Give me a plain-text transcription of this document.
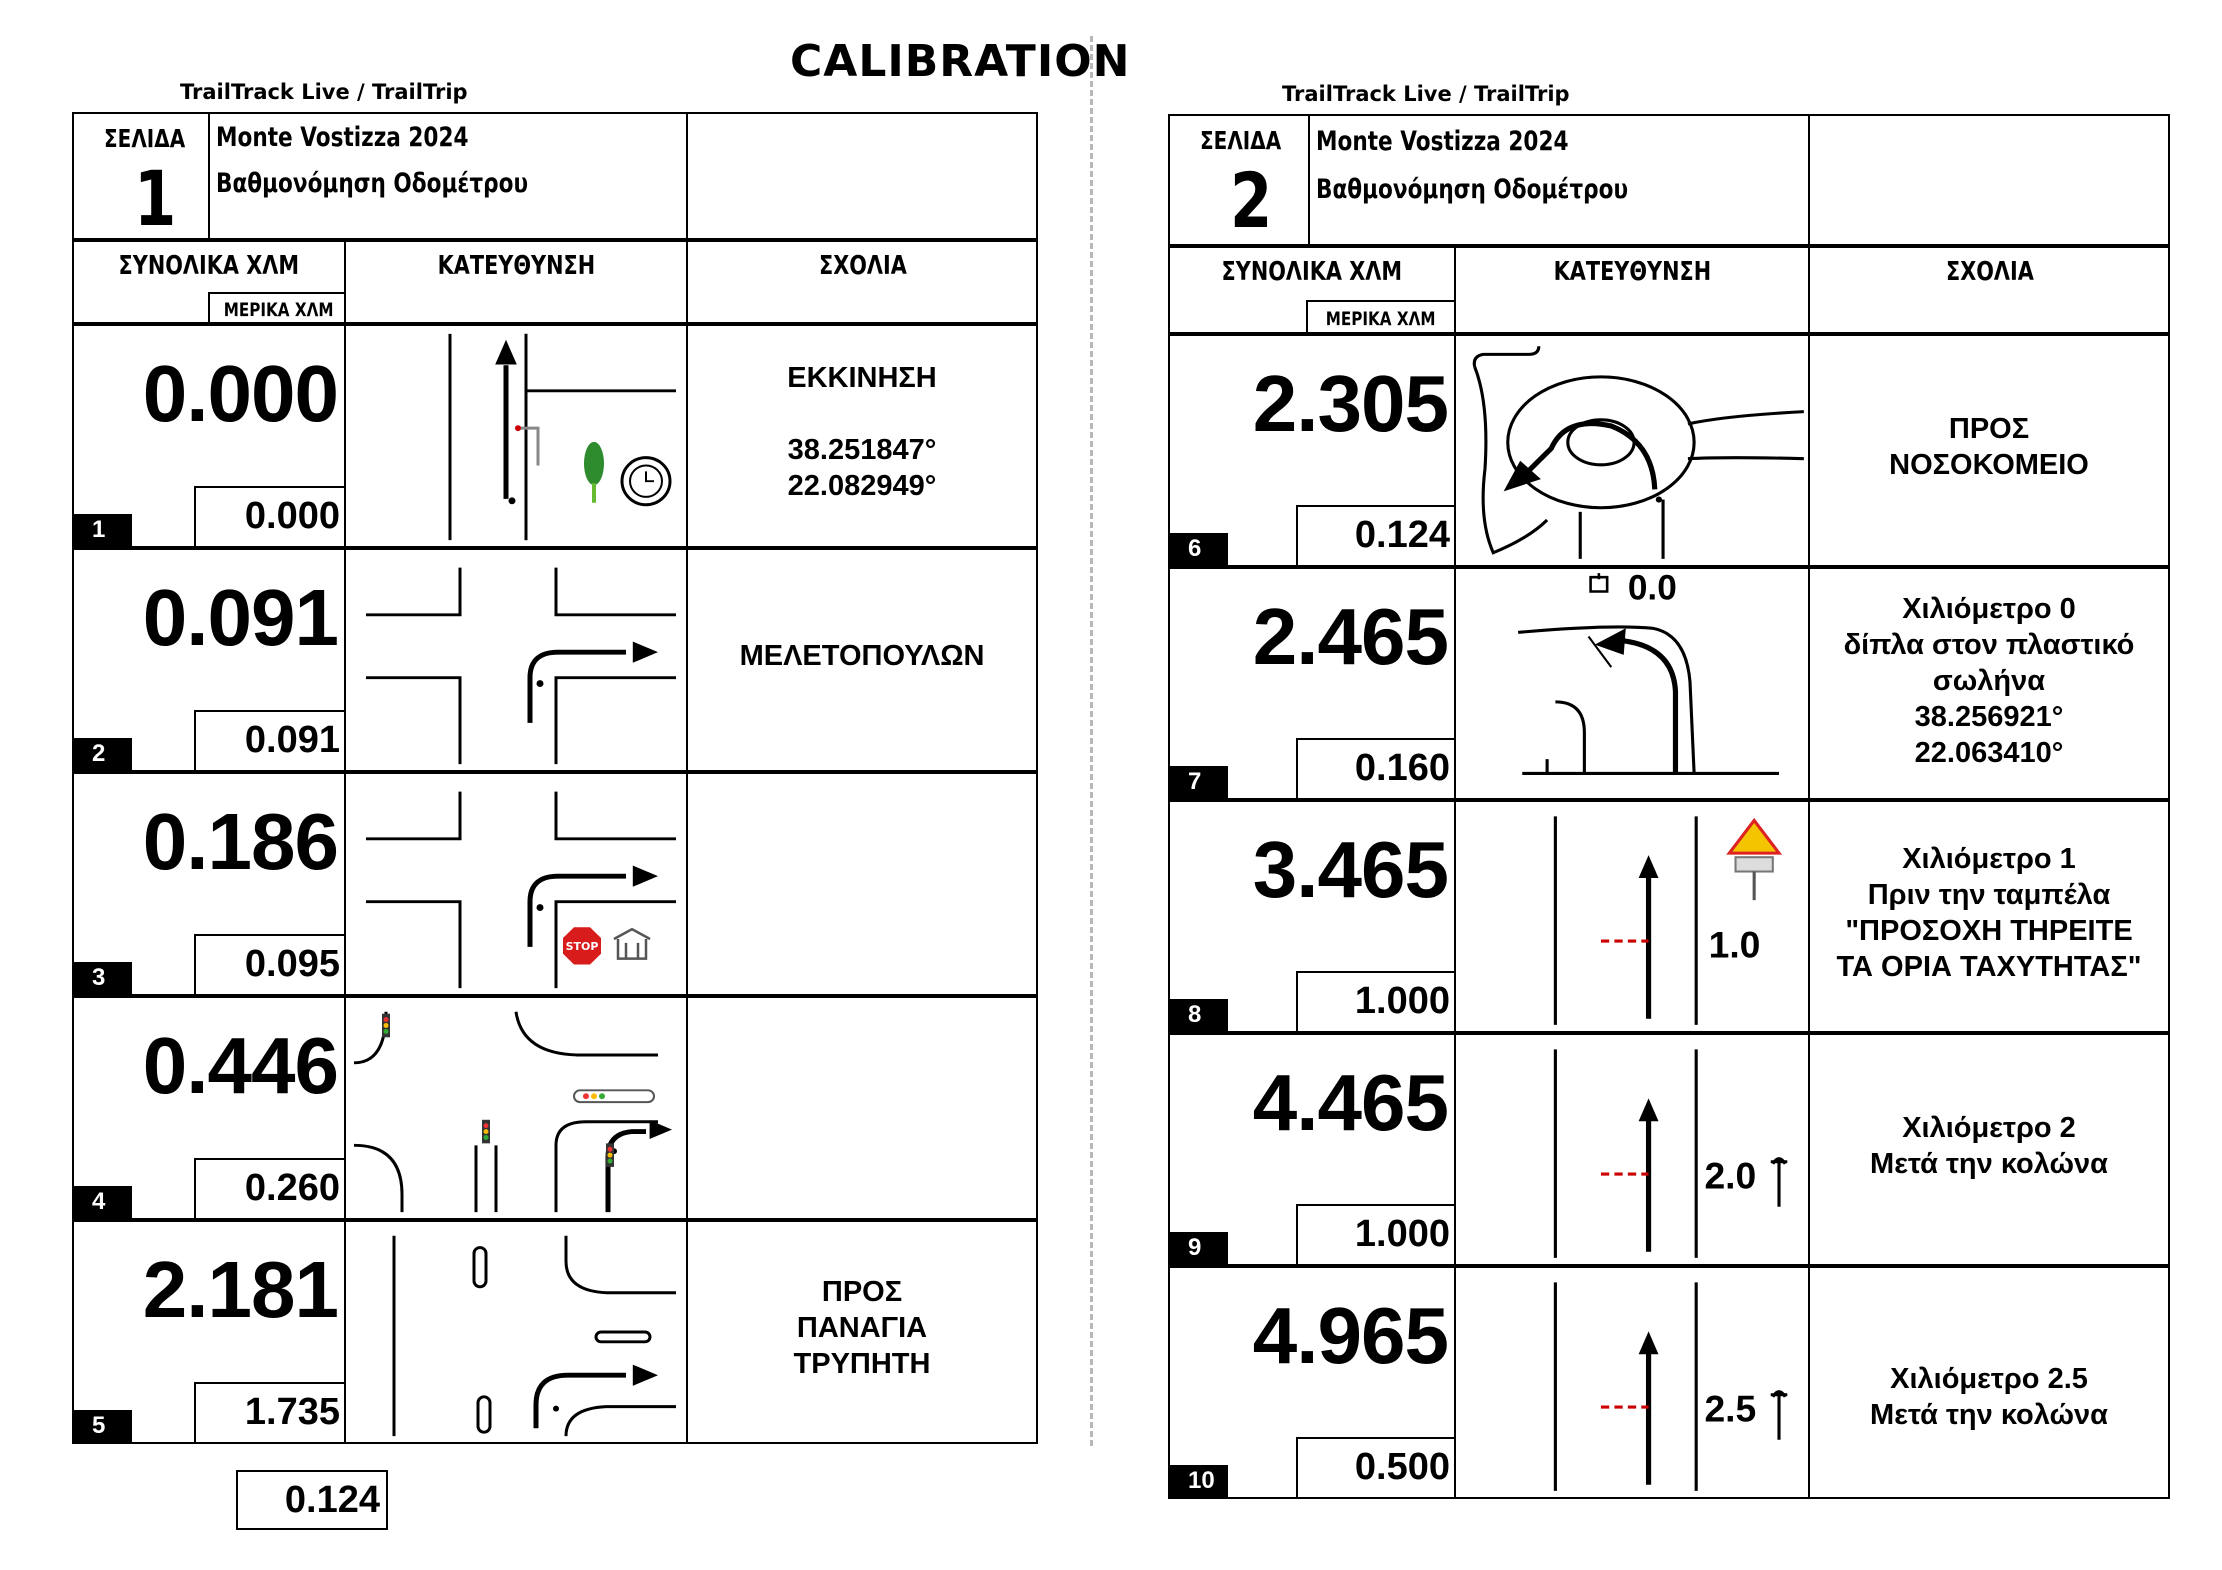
CALIBRATION
TrailTrack Live / TrailTrip
ΣΕΛΙΔΑ
1
Monte Vostizza 2024
Βαθμονόμηση Οδομέτρου
ΣΥΝΟΛΙΚΑ ΧΛΜ
ΜΕΡΙΚΑ ΧΛΜ
ΚΑΤΕΥΘΥΝΣΗ	ΣΧΟΛΙΑ
0.000
0.000
1
ΕΚΚΙΝΗΣΗ
38.251847°
22.082949°
0.091
0.091
2
ΜΕΛΕΤΟΠΟΥΛΩΝ
0.186
0.095
3
STOP
0.446
0.260
4
2.181
1.735
5
ΠΡΟΣ
ΠΑΝΑΓΙΑ
ΤΡΥΠΗΤΗ
0.124
TrailTrack Live / TrailTrip
ΣΕΛΙΔΑ
2
Monte Vostizza 2024
Βαθμονόμηση Οδομέτρου
ΣΥΝΟΛΙΚΑ ΧΛΜ
ΜΕΡΙΚΑ ΧΛΜ
ΚΑΤΕΥΘΥΝΣΗ	ΣΧΟΛΙΑ
2.305
0.124
6
ΠΡΟΣ
ΝΟΣΟΚΟΜΕΙΟ
2.465
0.160
7
0.0
Χιλιόμετρο 0
δίπλα στον πλαστικό
σωλήνα
38.256921°
22.063410°
3.465
1.000
8
1.0
Χιλιόμετρο 1
Πριν την ταμπέλα
"ΠΡΟΣΟΧΗ ΤΗΡΕΙΤΕ
ΤΑ ΟΡΙΑ ΤΑΧΥΤΗΤΑΣ"
4.465
1.000
9
2.0
Χιλιόμετρο 2
Μετά την κολώνα
4.965
0.500
10
2.5
Χιλιόμετρο 2.5
Μετά την κολώνα
